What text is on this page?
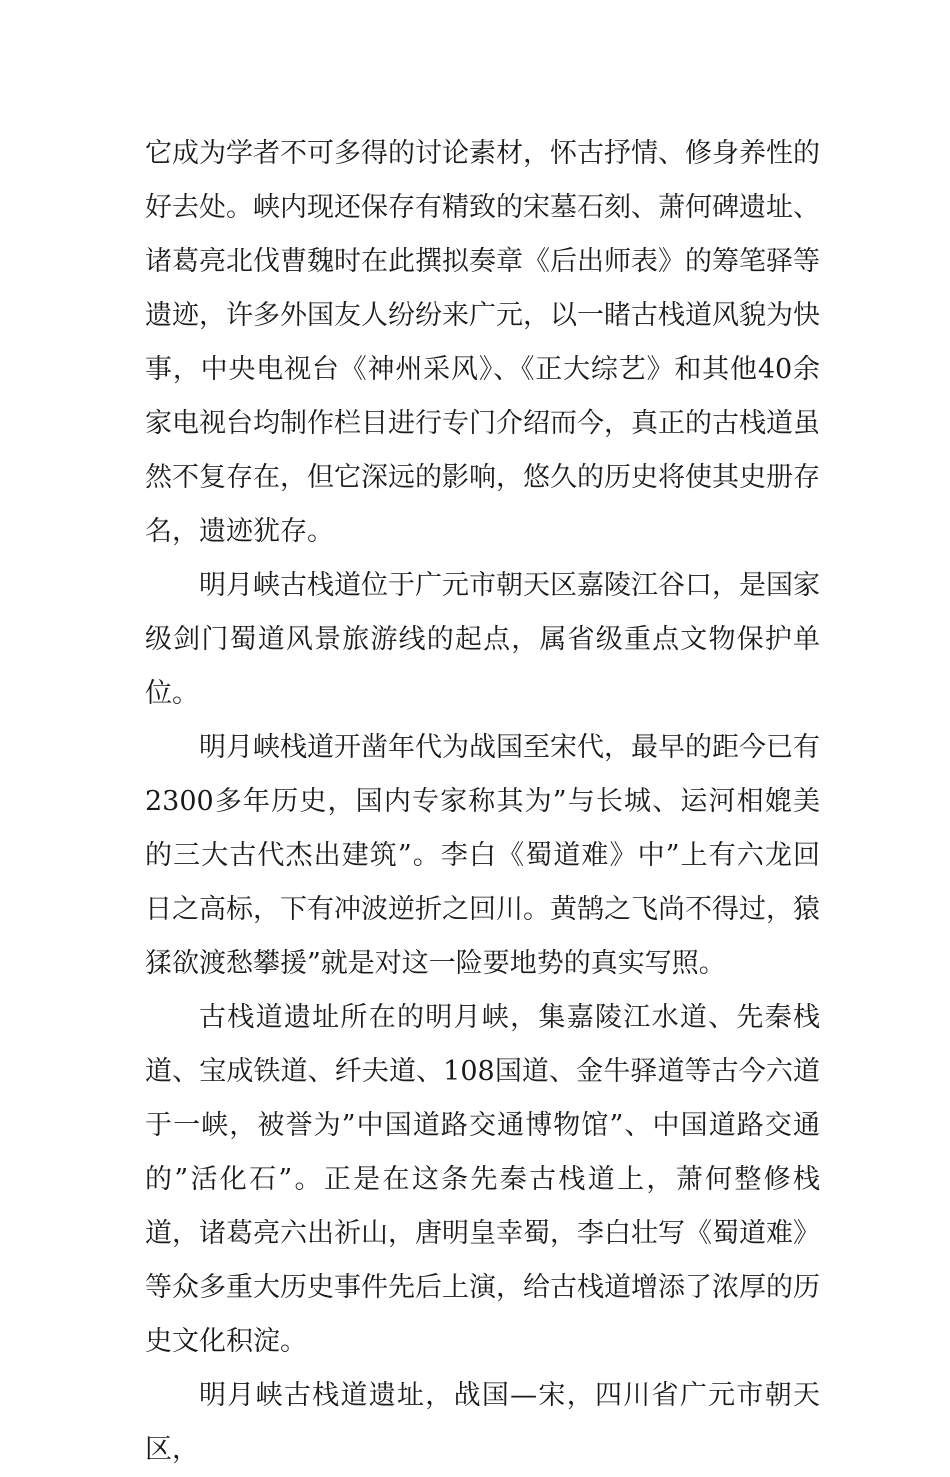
它成为学者不可多得的讨论素材，怀古抒情、修身养性的好去处。峡内现还保存有精致的宋墓石刻、萧何碑遗址、诸葛亮北伐曹魏时在此撰拟奏章《后出师表》的筹笔驿等遗迹，许多外国友人纷纷来广元，以一睹古栈道风貌为快事，中央电视台《神州采风》、《正大综艺》和其他40余家电视台均制作栏目进行专门介绍而今，真正的古栈道虽然不复存在，但它深远的影响，悠久的历史将使其史册存名，遗迹犹存。

明月峡古栈道位于广元市朝天区嘉陵江谷口，是国家级剑门蜀道风景旅游线的起点，属省级重点文物保护单位。

明月峡栈道开凿年代为战国至宋代，最早的距今已有2300多年历史，国内专家称其为”与长城、运河相媲美的三大古代杰出建筑”。李白《蜀道难》中”上有六龙回日之高标，下有冲波逆折之回川。黄鹄之飞尚不得过，猿猱欲渡愁攀援”就是对这一险要地势的真实写照。

古栈道遗址所在的明月峡，集嘉陵江水道、先秦栈道、宝成铁道、纤夫道、108国道、金牛驿道等古今六道于一峡，被誉为”中国道路交通博物馆”、中国道路交通的”活化石”。正是在这条先秦古栈道上，萧何整修栈道，诸葛亮六出祈山，唐明皇幸蜀，李白壮写《蜀道难》等众多重大历史事件先后上演，给古栈道增添了浓厚的历史文化积淀。

明月峡古栈道遗址，战国—宋，四川省广元市朝天区，
